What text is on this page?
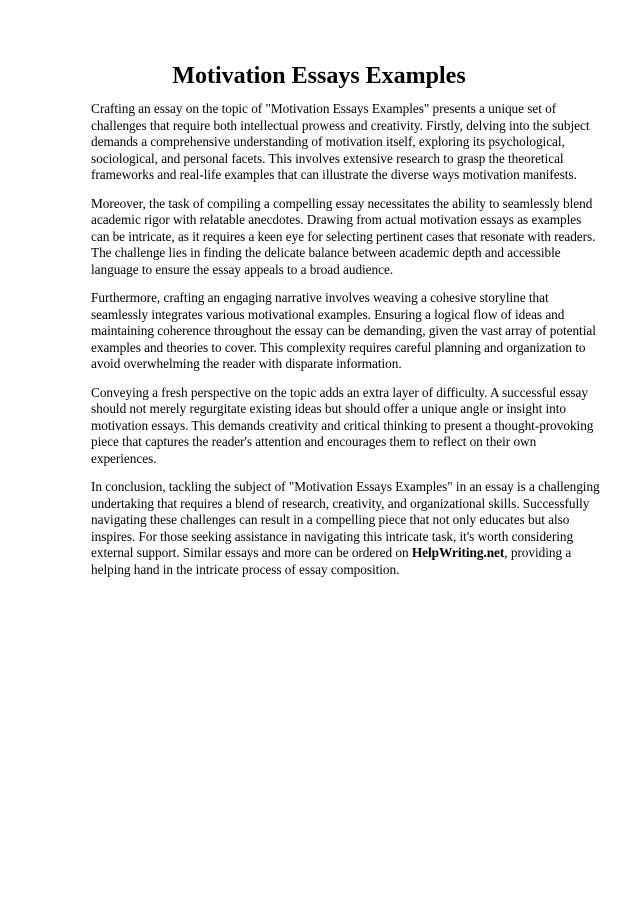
Motivation Essays Examples

Crafting an essay on the topic of "Motivation Essays Examples" presents a unique set of challenges that require both intellectual prowess and creativity. Firstly, delving into the subject demands a comprehensive understanding of motivation itself, exploring its psychological, sociological, and personal facets. This involves extensive research to grasp the theoretical frameworks and real-life examples that can illustrate the diverse ways motivation manifests.

Moreover, the task of compiling a compelling essay necessitates the ability to seamlessly blend academic rigor with relatable anecdotes. Drawing from actual motivation essays as examples can be intricate, as it requires a keen eye for selecting pertinent cases that resonate with readers. The challenge lies in finding the delicate balance between academic depth and accessible language to ensure the essay appeals to a broad audience.

Furthermore, crafting an engaging narrative involves weaving a cohesive storyline that seamlessly integrates various motivational examples. Ensuring a logical flow of ideas and maintaining coherence throughout the essay can be demanding, given the vast array of potential examples and theories to cover. This complexity requires careful planning and organization to avoid overwhelming the reader with disparate information.

Conveying a fresh perspective on the topic adds an extra layer of difficulty. A successful essay should not merely regurgitate existing ideas but should offer a unique angle or insight into motivation essays. This demands creativity and critical thinking to present a thought-provoking piece that captures the reader's attention and encourages them to reflect on their own experiences.

In conclusion, tackling the subject of "Motivation Essays Examples" in an essay is a challenging undertaking that requires a blend of research, creativity, and organizational skills. Successfully navigating these challenges can result in a compelling piece that not only educates but also inspires. For those seeking assistance in navigating this intricate task, it's worth considering external support. Similar essays and more can be ordered on HelpWriting.net, providing a helping hand in the intricate process of essay composition.
